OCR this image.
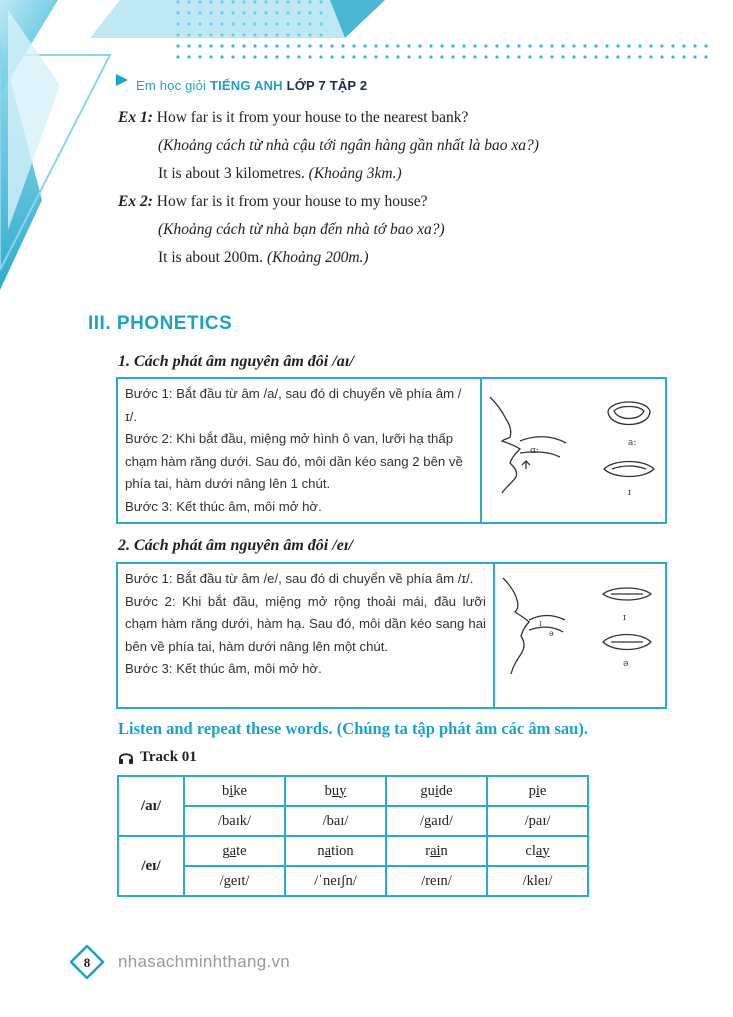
Em học giỏi TIẾNG ANH LỚP 7 TẬP 2
Ex 1: How far is it from your house to the nearest bank?
(Khoảng cách từ nhà cậu tới ngân hàng gần nhất là bao xa?)
It is about 3 kilometres. (Khoảng 3km.)
Ex 2: How far is it from your house to my house?
(Khoảng cách từ nhà bạn đến nhà tớ bao xa?)
It is about 200m. (Khoảng 200m.)
III. PHONETICS
1. Cách phát âm nguyên âm đôi /aɪ/
Bước 1: Bắt đầu từ âm /a/, sau đó di chuyển về phía âm /ɪ/.
Bước 2: Khi bắt đầu, miệng mở hình ô van, lưỡi hạ thấp chạm hàm răng dưới. Sau đó, môi dần kéo sang 2 bên về phía tai, hàm dưới nâng lên 1 chút.
Bước 3: Kết thúc âm, môi mở hờ.
ɑ:
a:
ɪ
2. Cách phát âm nguyên âm đôi /eɪ/
Bước 1: Bắt đầu từ âm /e/, sau đó di chuyển về phía âm /ɪ/.
Bước 2: Khi bắt đầu, miệng mở rộng thoải mái, đầu lưỡi chạm hàm răng dưới, hàm hạ. Sau đó, môi dần kéo sang hai bên về phía tai, hàm dưới nâng lên một chút.
Bước 3: Kết thúc âm, môi mở hờ.
ɪ
ə
ɪ
ə
Listen and repeat these words. (Chúng ta tập phát âm các âm sau).
Track 01
/aɪ/	bike	buy	guide	pie
	/baɪk/	/baɪ/	/gaɪd/	/paɪ/
/eɪ/	gate	nation	rain	clay
	/geɪt/	/ˈneɪʃn/	/reɪn/	/kleɪ/
8 nhasachminhthang.vn
